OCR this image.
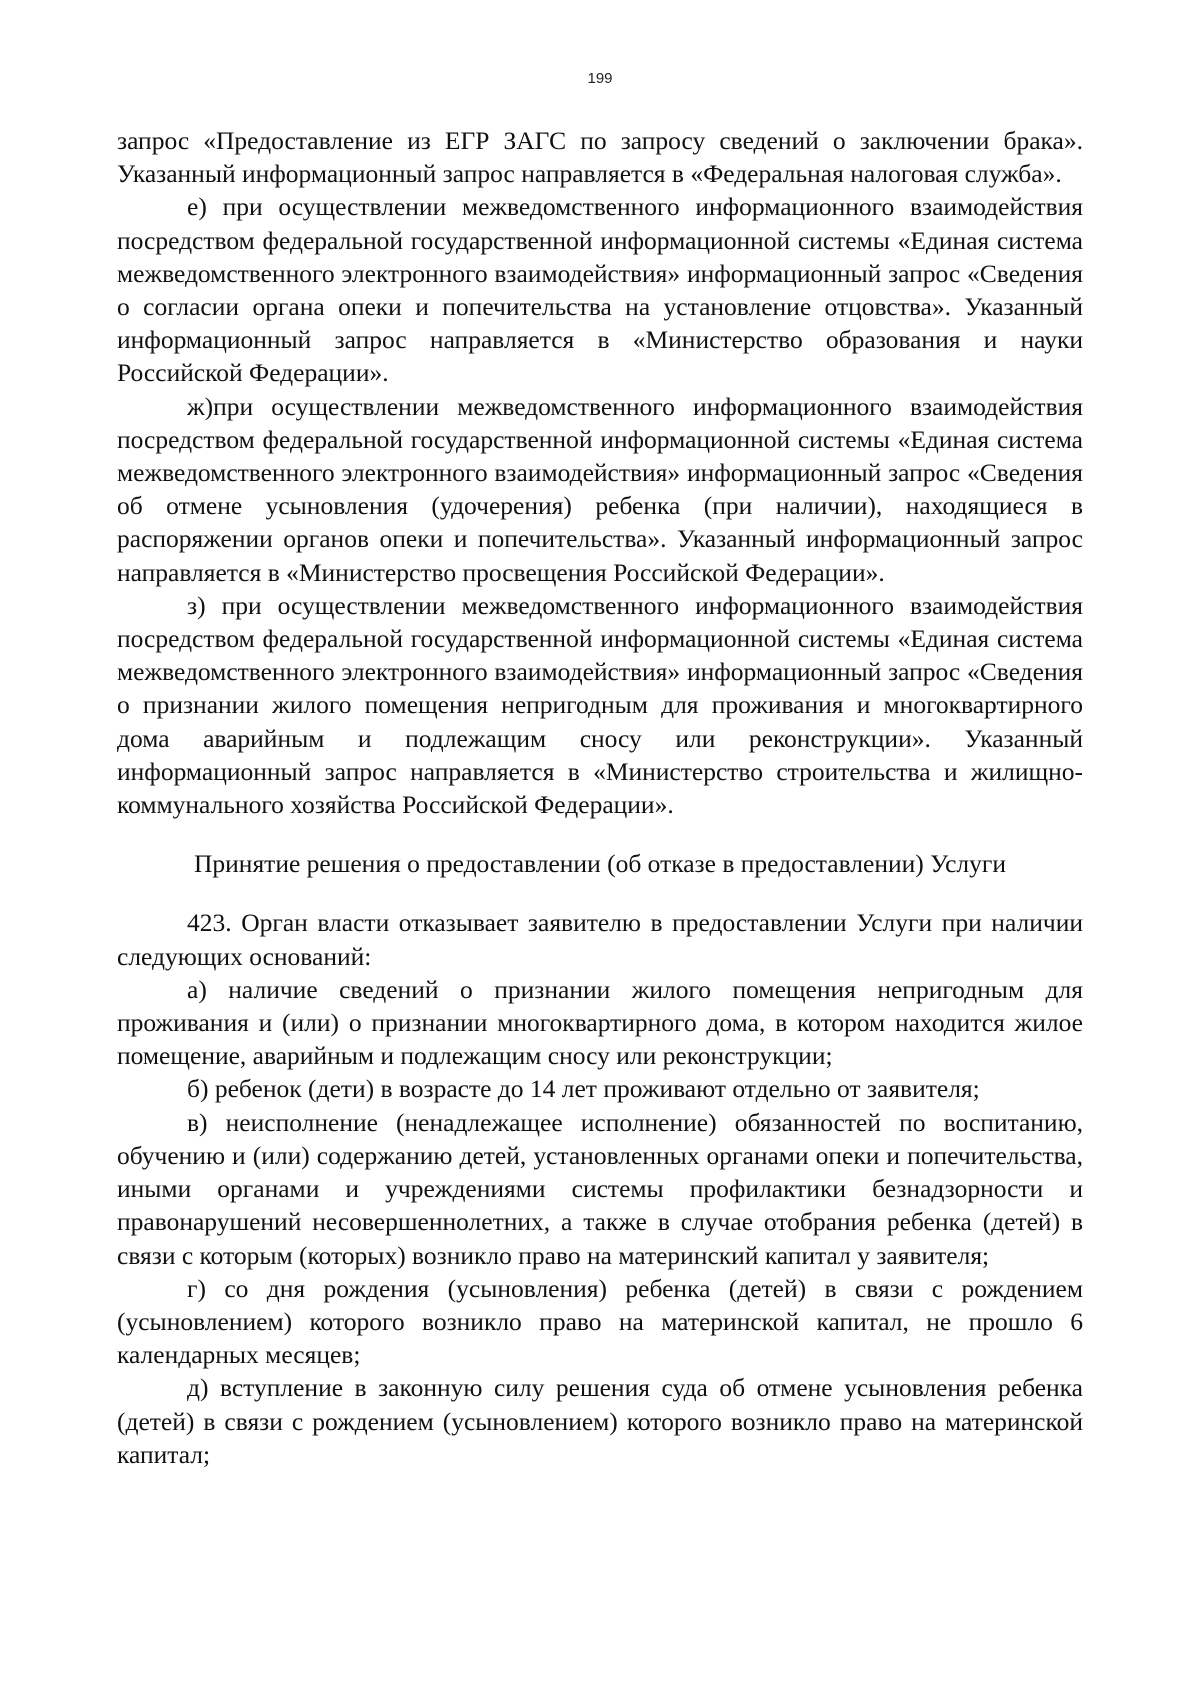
199

запрос «Предоставление из ЕГР ЗАГС по запросу сведений о заключении брака». Указанный информационный запрос направляется в «Федеральная налоговая служба».

е) при осуществлении межведомственного информационного взаимодействия посредством федеральной государственной информационной системы «Единая система межведомственного электронного взаимодействия» информационный запрос «Сведения о согласии органа опеки и попечительства на установление отцовства». Указанный информационный запрос направляется в «Министерство образования и науки Российской Федерации».

ж)при осуществлении межведомственного информационного взаимодействия посредством федеральной государственной информационной системы «Единая система межведомственного электронного взаимодействия» информационный запрос «Сведения об отмене усыновления (удочерения) ребенка (при наличии), находящиеся в распоряжении органов опеки и попечительства». Указанный информационный запрос направляется в «Министерство просвещения Российской Федерации».

з) при осуществлении межведомственного информационного взаимодействия посредством федеральной государственной информационной системы «Единая система межведомственного электронного взаимодействия» информационный запрос «Сведения о признании жилого помещения непригодным для проживания и многоквартирного дома аварийным и подлежащим сносу или реконструкции». Указанный информационный запрос направляется в «Министерство строительства и жилищно-коммунального хозяйства Российской Федерации».

Принятие решения о предоставлении (об отказе в предоставлении) Услуги

423. Орган власти отказывает заявителю в предоставлении Услуги при наличии следующих оснований:

а) наличие сведений о признании жилого помещения непригодным для проживания и (или) о признании многоквартирного дома, в котором находится жилое помещение, аварийным и подлежащим сносу или реконструкции;

б) ребенок (дети) в возрасте до 14 лет проживают отдельно от заявителя;

в) неисполнение (ненадлежащее исполнение) обязанностей по воспитанию, обучению и (или) содержанию детей, установленных органами опеки и попечительства, иными органами и учреждениями системы профилактики безнадзорности и правонарушений несовершеннолетних, а также в случае отобрания ребенка (детей) в связи с которым (которых) возникло право на материнский капитал у заявителя;

г) со дня рождения (усыновления) ребенка (детей) в связи с рождением (усыновлением) которого возникло право на материнской капитал, не прошло 6 календарных месяцев;

д) вступление в законную силу решения суда об отмене усыновления ребенка (детей) в связи с рождением (усыновлением) которого возникло право на материнской капитал;
